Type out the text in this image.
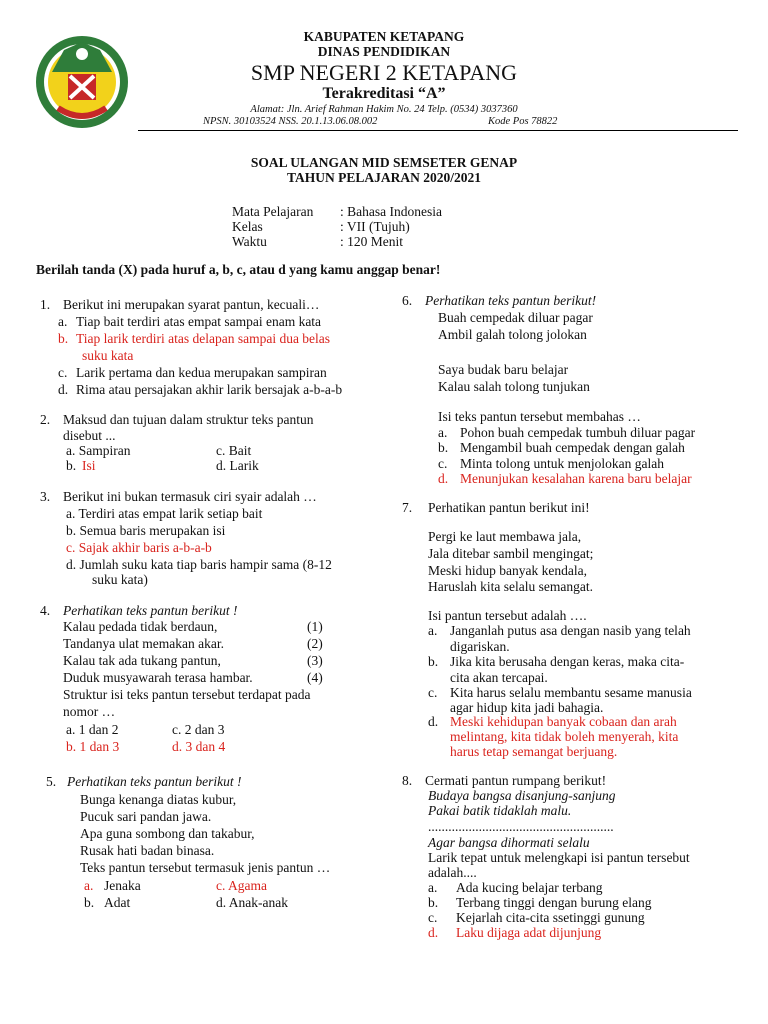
KABUPATEN KETAPANG
DINAS PENDIDIKAN
SMP NEGERI 2 KETAPANG
Terakreditasi “A”
Alamat: Jln. Arief Rahman Hakim No. 24 Telp. (0534) 3037360
NPSN. 30103524 NSS. 20.1.13.06.08.002	Kode Pos 78822
SOAL ULANGAN MID SEMSETER GENAP
TAHUN PELAJARAN 2020/2021
Mata Pelajaran	: Bahasa Indonesia
Kelas	: VII (Tujuh)
Waktu	: 120 Menit
Berilah tanda (X) pada huruf a, b, c, atau d yang kamu anggap benar!
1. Berikut ini merupakan syarat pantun, kecuali…
a. Tiap bait terdiri atas empat sampai enam kata
b. Tiap larik terdiri atas delapan sampai dua belas
suku kata
c. Larik pertama dan kedua merupakan sampiran
d. Rima atau persajakan akhir larik bersajak a-b-a-b
2. Maksud dan tujuan dalam struktur teks pantun
disebut ...
a. Sampiran	c. Bait
b. Isi	d. Larik
3. Berikut ini bukan termasuk ciri syair adalah …
a. Terdiri atas empat larik setiap bait
b. Semua baris merupakan isi
c. Sajak akhir baris a-b-a-b
d. Jumlah suku kata tiap baris hampir sama (8-12
suku kata)
4. Perhatikan teks pantun berikut !
Kalau pedada tidak berdaun,	(1)
Tandanya ulat memakan akar.	(2)
Kalau tak ada tukang pantun,	(3)
Duduk musyawarah terasa hambar.	(4)
Struktur isi teks pantun tersebut terdapat pada
nomor …
a. 1 dan 2	c. 2 dan 3
b. 1 dan 3	d. 3 dan 4
5. Perhatikan teks pantun berikut !
Bunga kenanga diatas kubur,
Pucuk sari pandan jawa.
Apa guna sombong dan takabur,
Rusak hati badan binasa.
Teks pantun tersebut termasuk jenis pantun …
a. Jenaka	c. Agama
b. Adat	d. Anak-anak
6. Perhatikan teks pantun berikut!
Buah cempedak diluar pagar
Ambil galah tolong jolokan
Saya budak baru belajar
Kalau salah tolong tunjukan
Isi teks pantun tersebut membahas …
a. Pohon buah cempedak tumbuh diluar pagar
b. Mengambil buah cempedak dengan galah
c. Minta tolong untuk menjolokan galah
d. Menunjukan kesalahan karena baru belajar
7.	Perhatikan pantun berikut ini!
Pergi ke laut membawa jala,
Jala ditebar sambil mengingat;
Meski hidup banyak kendala,
Haruslah kita selalu semangat.
Isi pantun tersebut adalah ….
a. Janganlah putus asa dengan nasib yang telah
digariskan.
b. Jika kita berusaha dengan keras, maka cita-
cita akan tercapai.
c. Kita harus selalu membantu sesame manusia
agar hidup kita jadi bahagia.
d. Meski kehidupan banyak cobaan dan arah
melintang, kita tidak boleh menyerah, kita
harus tetap semangat berjuang.
8. Cermati pantun rumpang berikut!
Budaya bangsa disanjung-sanjung
Pakai batik tidaklah malu.
.......................................................
Agar bangsa dihormati selalu
Larik tepat untuk melengkapi isi pantun tersebut
adalah....
a.	Ada kucing belajar terbang
b.	Terbang tinggi dengan burung elang
c.	Kejarlah cita-cita ssetinggi gunung
d.	Laku dijaga adat dijunjung
